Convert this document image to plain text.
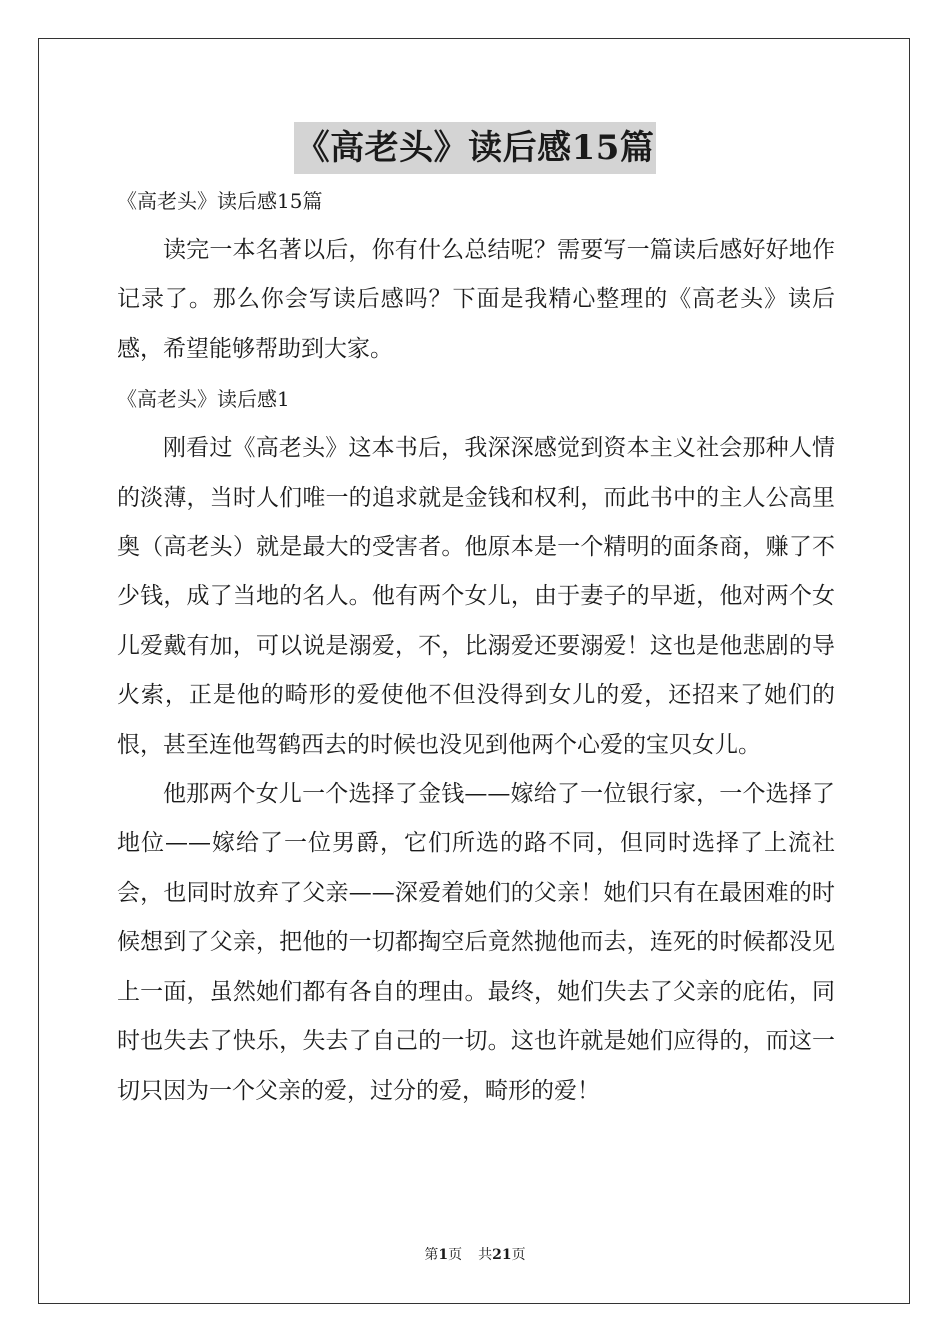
《高老头》读后感15篇

《高老头》读后感15篇

读完一本名著以后，你有什么总结呢？需要写一篇读后感好好地作记录了。那么你会写读后感吗？下面是我精心整理的《高老头》读后感，希望能够帮助到大家。

《高老头》读后感1

刚看过《高老头》这本书后，我深深感觉到资本主义社会那种人情的淡薄，当时人们唯一的追求就是金钱和权利，而此书中的主人公高里奥（高老头）就是最大的受害者。他原本是一个精明的面条商，赚了不少钱，成了当地的名人。他有两个女儿，由于妻子的早逝，他对两个女儿爱戴有加，可以说是溺爱，不，比溺爱还要溺爱！这也是他悲剧的导火索，正是他的畸形的爱使他不但没得到女儿的爱，还招来了她们的恨，甚至连他驾鹤西去的时候也没见到他两个心爱的宝贝女儿。

他那两个女儿一个选择了金钱——嫁给了一位银行家，一个选择了地位——嫁给了一位男爵，它们所选的路不同，但同时选择了上流社会，也同时放弃了父亲——深爱着她们的父亲！她们只有在最困难的时候想到了父亲，把他的一切都掏空后竟然抛他而去，连死的时候都没见上一面，虽然她们都有各自的理由。最终，她们失去了父亲的庇佑，同时也失去了快乐，失去了自己的一切。这也许就是她们应得的，而这一切只因为一个父亲的爱，过分的爱，畸形的爱！

第1页 共21页
